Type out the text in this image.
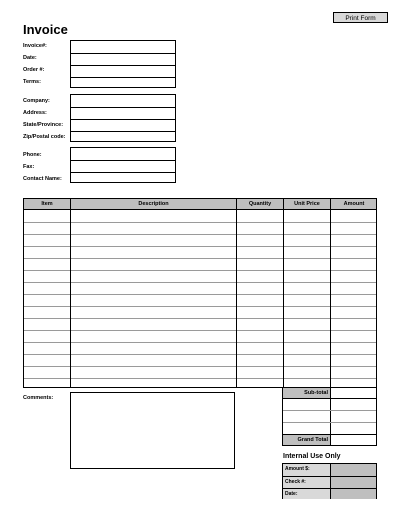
Print Form
Invoice
Invoice#:
Date:
Order #:
Terms:
Company:
Address:
State/Province:
Zip/Postal code:
Phone:
Fax:
Contact Name:
Item	Description	Quantity	Unit Price	Amount
Comments:
Sub-total
Grand Total
Internal Use Only
Amount $:
Check #:
Date:
